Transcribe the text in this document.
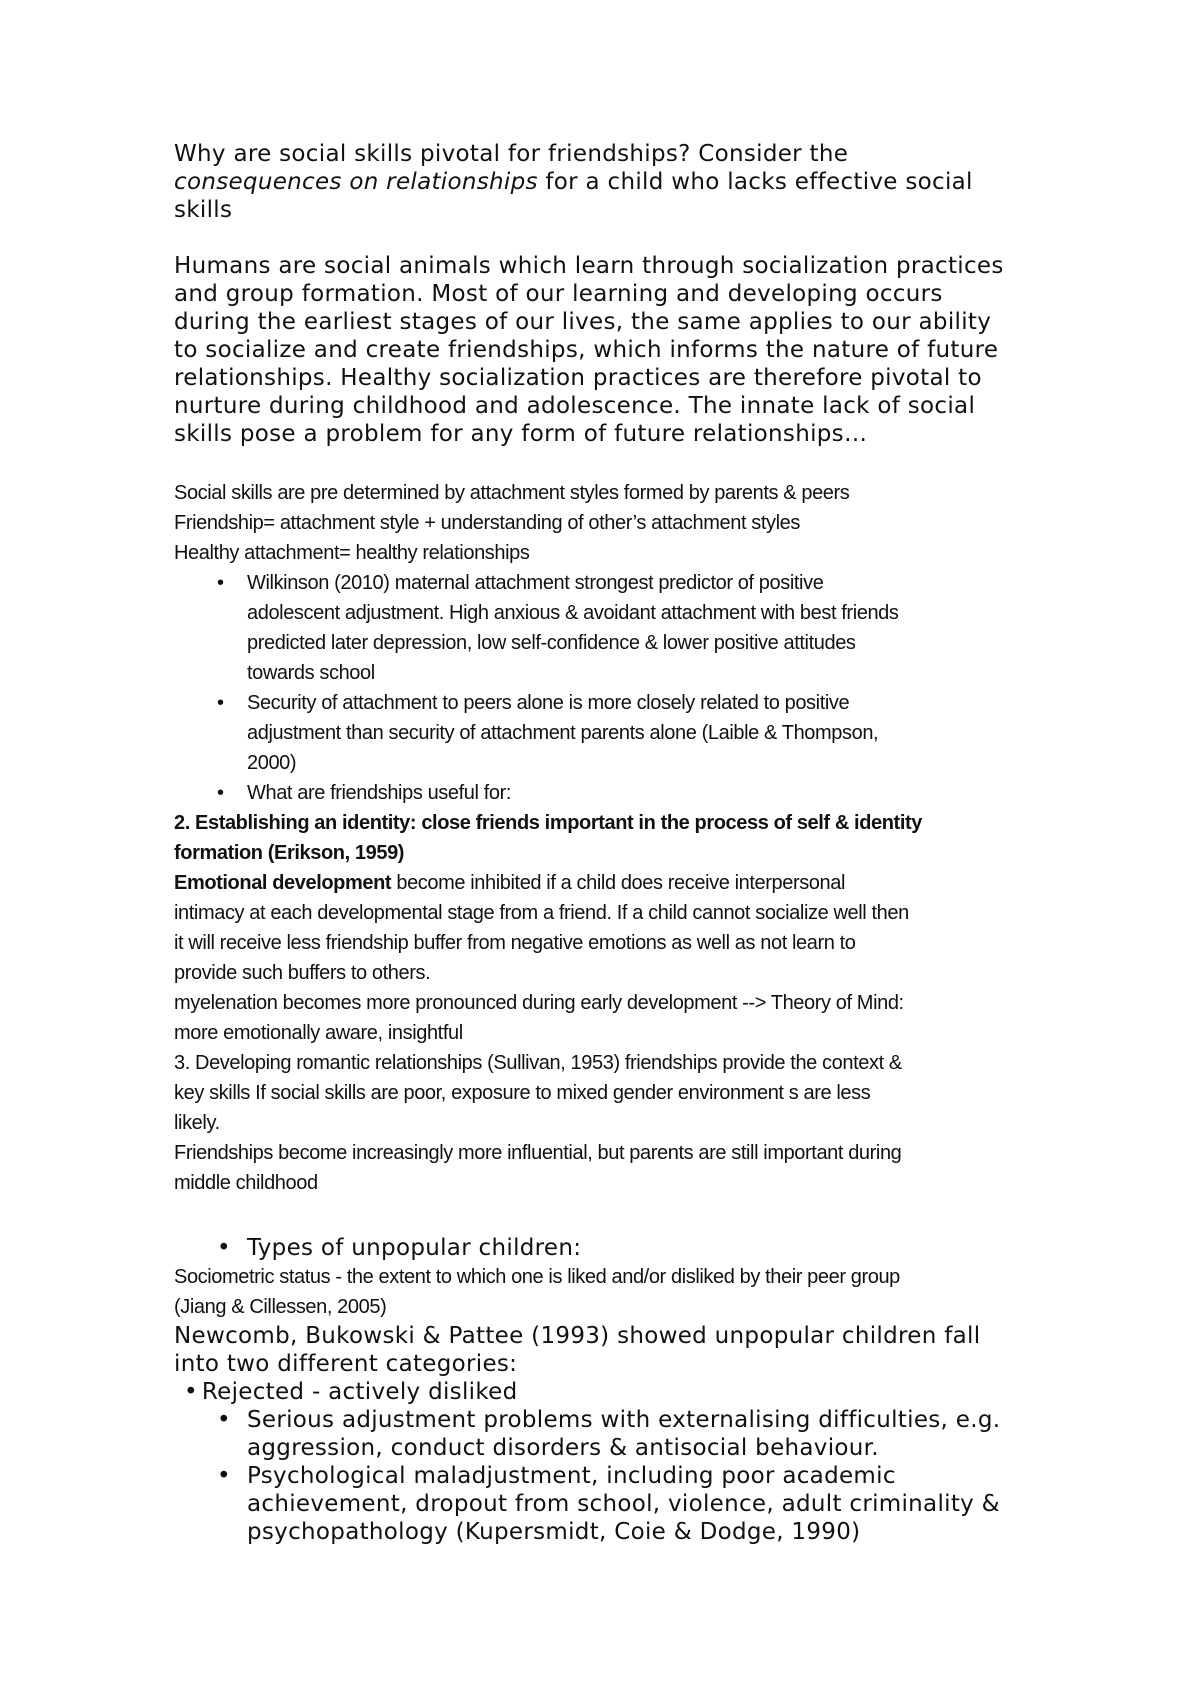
Why are social skills pivotal for friendships? Consider the
consequences on relationships for a child who lacks effective social
skills
Humans are social animals which learn through socialization practices
and group formation. Most of our learning and developing occurs
during the earliest stages of our lives, the same applies to our ability
to socialize and create friendships, which informs the nature of future
relationships. Healthy socialization practices are therefore pivotal to
nurture during childhood and adolescence. The innate lack of social
skills pose a problem for any form of future relationships…
Social skills are pre determined by attachment styles formed by parents & peers
Friendship= attachment style + understanding of other’s attachment styles
Healthy attachment= healthy relationships
• Wilkinson (2010) maternal attachment strongest predictor of positive
adolescent adjustment. High anxious & avoidant attachment with best friends
predicted later depression, low self-confidence & lower positive attitudes
towards school
• Security of attachment to peers alone is more closely related to positive
adjustment than security of attachment parents alone (Laible & Thompson,
2000)
• What are friendships useful for:
2. Establishing an identity: close friends important in the process of self & identity
formation (Erikson, 1959)
Emotional development become inhibited if a child does receive interpersonal
intimacy at each developmental stage from a friend. If a child cannot socialize well then
it will receive less friendship buffer from negative emotions as well as not learn to
provide such buffers to others.
myelenation becomes more pronounced during early development --> Theory of Mind:
more emotionally aware, insightful
3. Developing romantic relationships (Sullivan, 1953) friendships provide the context &
key skills If social skills are poor, exposure to mixed gender environment s are less
likely.
Friendships become increasingly more influential, but parents are still important during
middle childhood
• Types of unpopular children:
Sociometric status - the extent to which one is liked and/or disliked by their peer group
(Jiang & Cillessen, 2005)
Newcomb, Bukowski & Pattee (1993) showed unpopular children fall
into two different categories:
• Rejected - actively disliked
• Serious adjustment problems with externalising difficulties, e.g.
aggression, conduct disorders & antisocial behaviour.
• Psychological maladjustment, including poor academic
achievement, dropout from school, violence, adult criminality &
psychopathology (Kupersmidt, Coie & Dodge, 1990)
